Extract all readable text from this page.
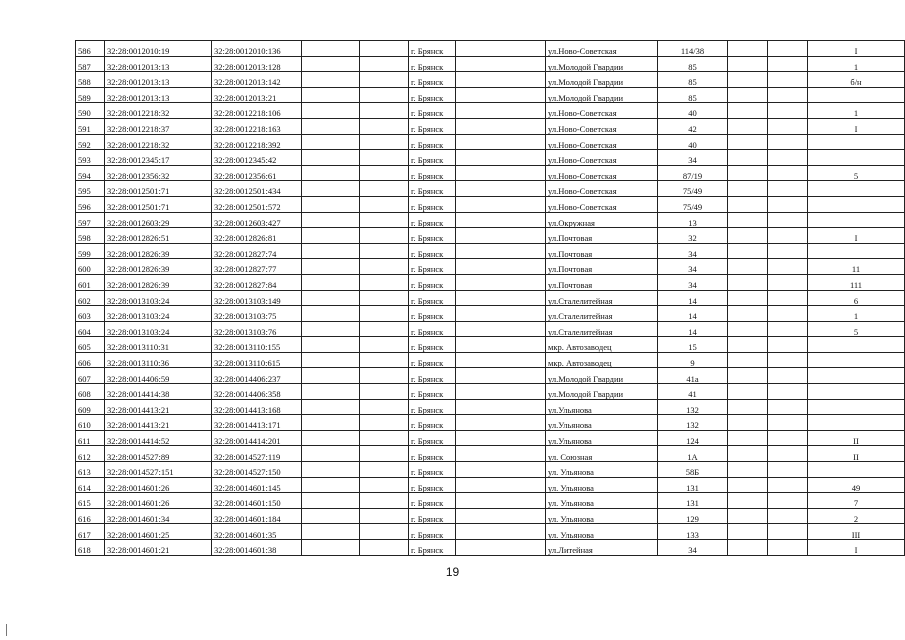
586	32:28:0012010:19	32:28:0012010:136			г. Брянск		ул.Ново-Советская	114/38			I
587	32:28:0012013:13	32:28:0012013:128			г. Брянск		ул.Молодой Гвардии	85			1
588	32:28:0012013:13	32:28:0012013:142			г. Брянск		ул.Молодой Гвардии	85			б/н
589	32:28:0012013:13	32:28:0012013:21			г. Брянск		ул.Молодой Гвардии	85			
590	32:28:0012218:32	32:28:0012218:106			г. Брянск		ул.Ново-Советская	40			1
591	32:28:0012218:37	32:28:0012218:163			г. Брянск		ул.Ново-Советская	42			I
592	32:28:0012218:32	32:28:0012218:392			г. Брянск		ул.Ново-Советская	40			
593	32:28:0012345:17	32:28:0012345:42			г. Брянск		ул.Ново-Советская	34			
594	32:28:0012356:32	32:28:0012356:61			г. Брянск		ул.Ново-Советская	87/19			5
595	32:28:0012501:71	32:28:0012501:434			г. Брянск		ул.Ново-Советская	75/49			
596	32:28:0012501:71	32:28:0012501:572			г. Брянск		ул.Ново-Советская	75/49			
597	32:28:0012603:29	32:28:0012603:427			г. Брянск		ул.Окружная	13			
598	32:28:0012826:51	32:28:0012826:81			г. Брянск		ул.Почтовая	32			I
599	32:28:0012826:39	32:28:0012827:74			г. Брянск		ул.Почтовая	34			
600	32:28:0012826:39	32:28:0012827:77			г. Брянск		ул.Почтовая	34			11
601	32:28:0012826:39	32:28:0012827:84			г. Брянск		ул.Почтовая	34			111
602	32:28:0013103:24	32:28:0013103:149			г. Брянск		ул.Сталелитейная	14			6
603	32:28:0013103:24	32:28:0013103:75			г. Брянск		ул.Сталелитейная	14			1
604	32:28:0013103:24	32:28:0013103:76			г. Брянск		ул.Сталелитейная	14			5
605	32:28:0013110:31	32:28:0013110:155			г. Брянск		мкр. Автозаводец	15			
606	32:28:0013110:36	32:28:0013110:615			г. Брянск		мкр. Автозаводец	9			
607	32:28:0014406:59	32:28:0014406:237			г. Брянск		ул.Молодой Гвардии	41а			
608	32:28:0014414:38	32:28:0014406:358			г. Брянск		ул.Молодой Гвардии	41			
609	32:28:0014413:21	32:28:0014413:168			г. Брянск		ул.Ульянова	132			
610	32:28:0014413:21	32:28:0014413:171			г. Брянск		ул.Ульянова	132			
611	32:28:0014414:52	32:28:0014414:201			г. Брянск		ул.Ульянова	124			II
612	32:28:0014527:89	32:28:0014527:119			г. Брянск		ул. Союзная	1А			II
613	32:28:0014527:151	32:28:0014527:150			г. Брянск		ул. Ульянова	58Б			
614	32:28:0014601:26	32:28:0014601:145			г. Брянск		ул. Ульянова	131			49
615	32:28:0014601:26	32:28:0014601:150			г. Брянск		ул. Ульянова	131			7
616	32:28:0014601:34	32:28:0014601:184			г. Брянск		ул. Ульянова	129			2
617	32:28:0014601:25	32:28:0014601:35			г. Брянск		ул. Ульянова	133			III
618	32:28:0014601:21	32:28:0014601:38			г. Брянск		ул.Литейная	34			I
19
